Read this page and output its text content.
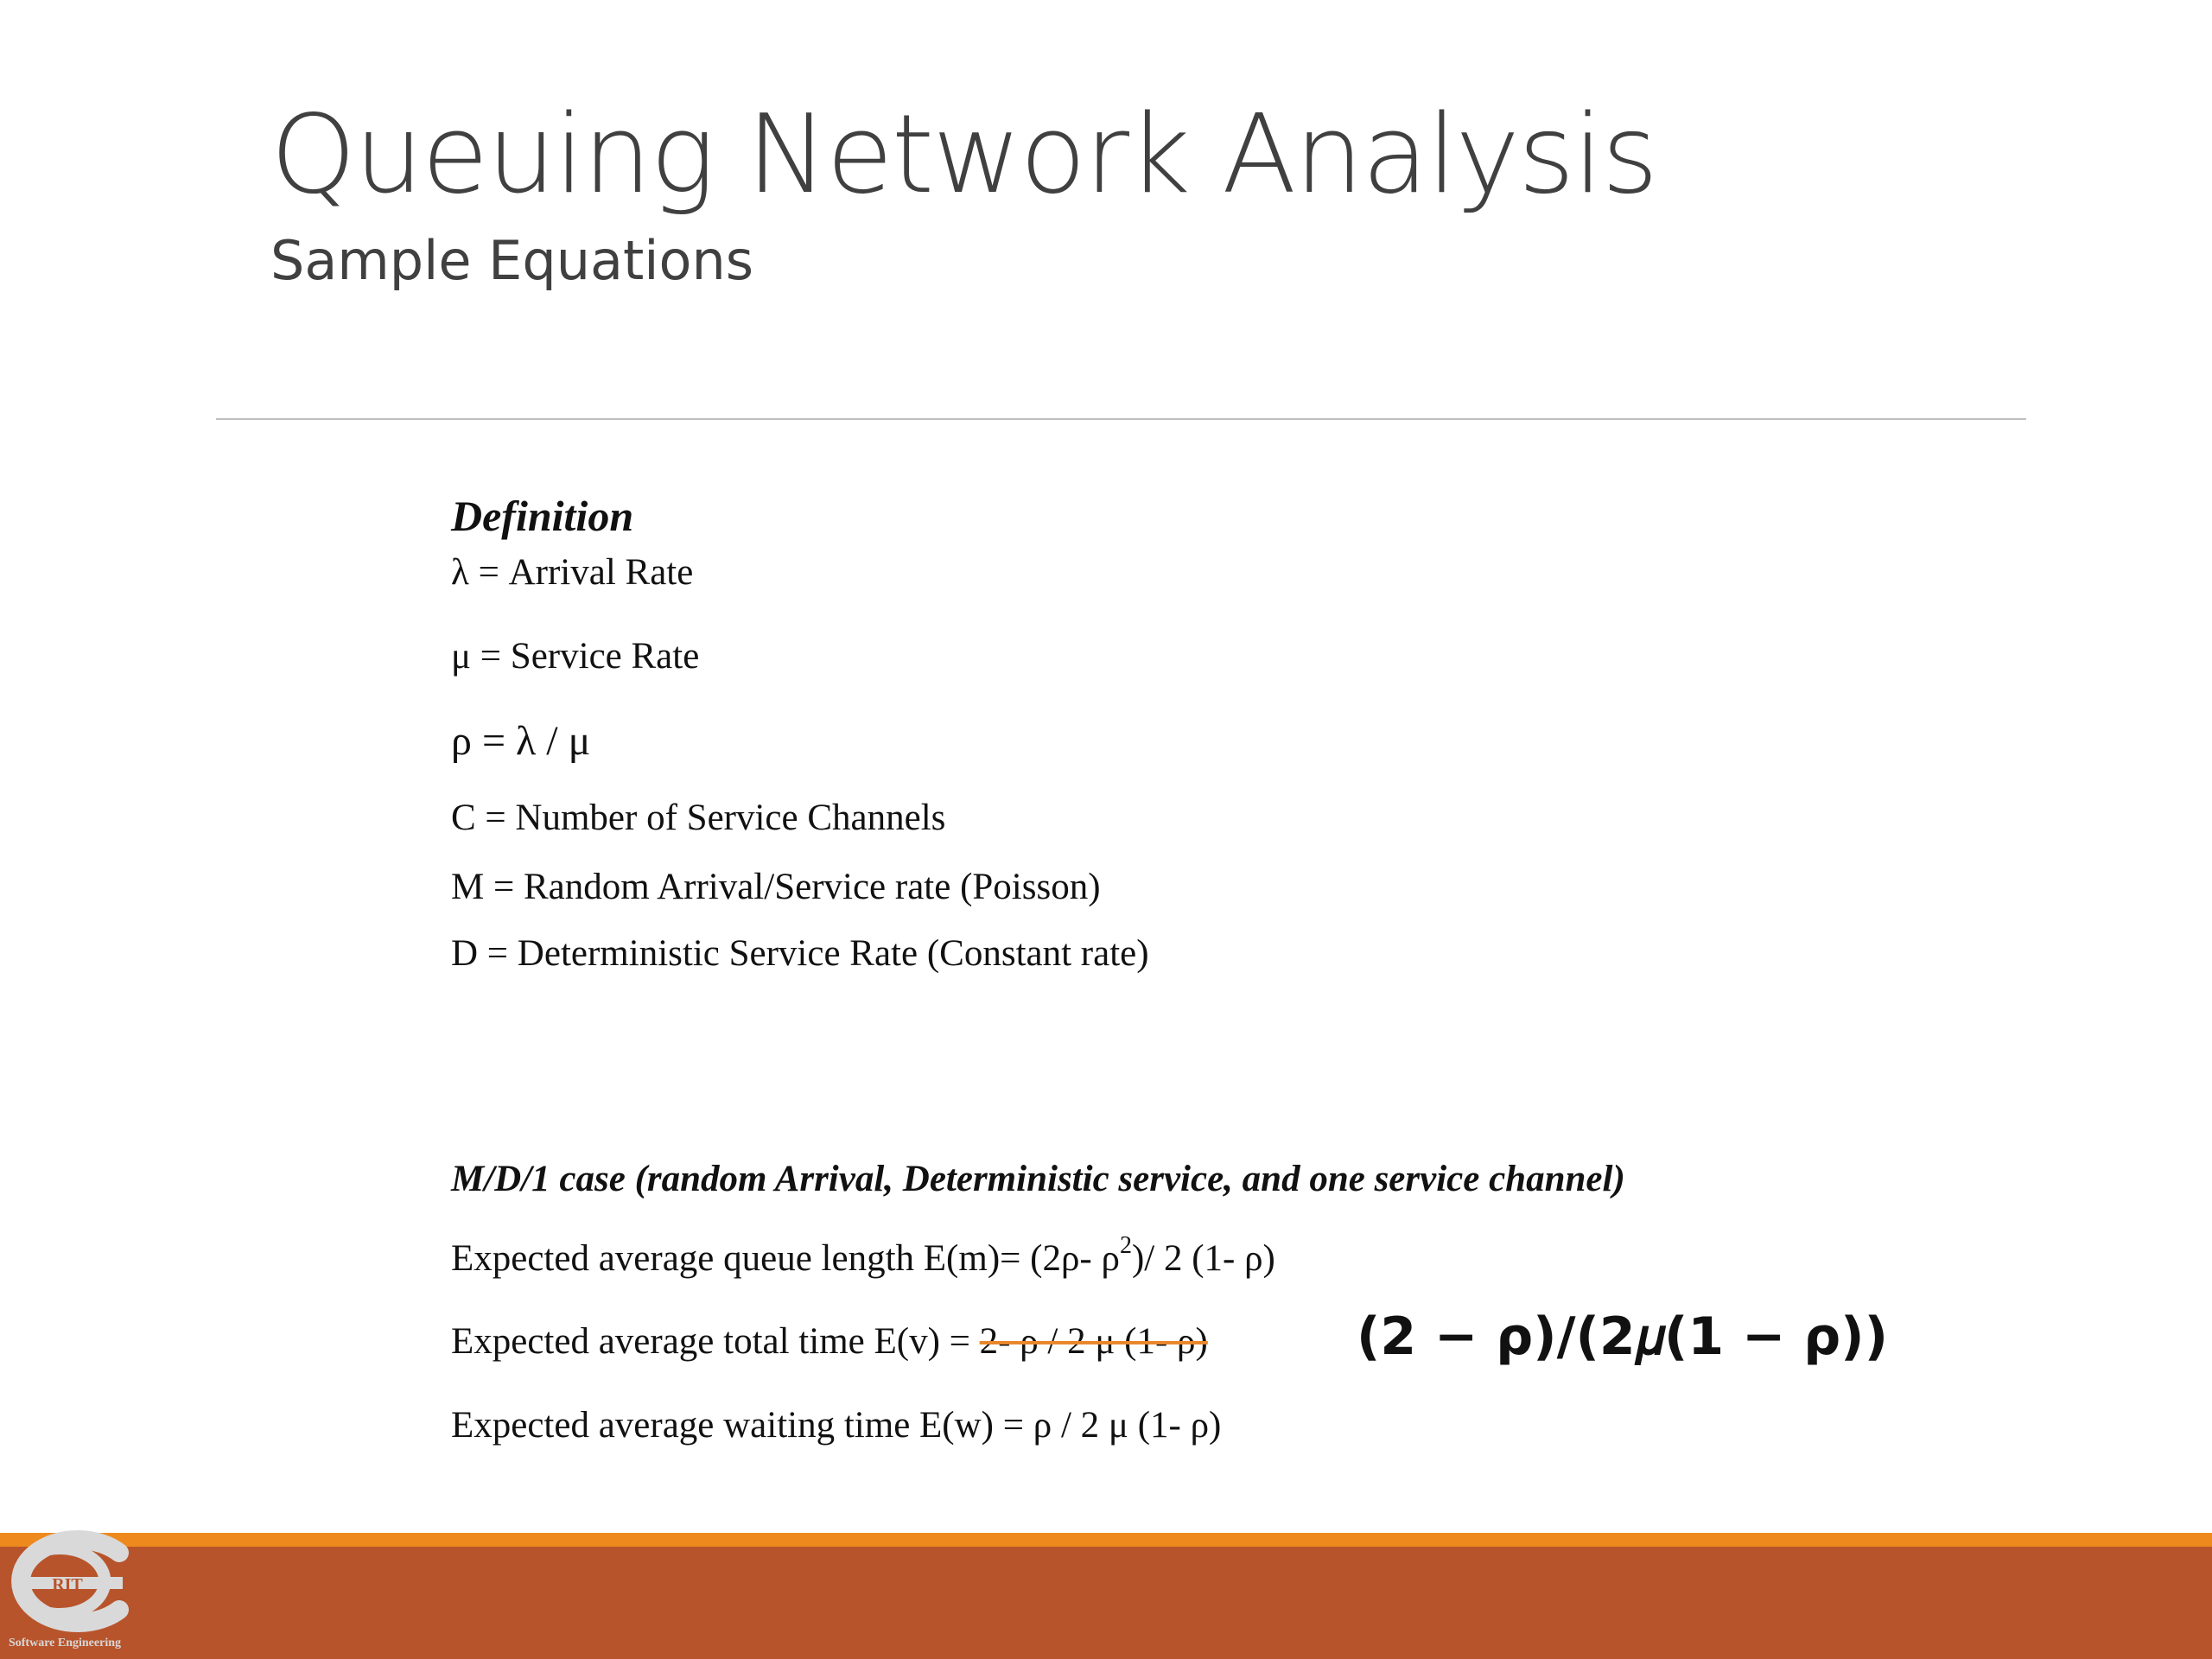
Queuing Network Analysis
Sample Equations
Definition
λ = Arrival Rate
μ = Service Rate
ρ = λ / μ
C = Number of Service Channels
M = Random Arrival/Service rate (Poisson)
D = Deterministic Service Rate (Constant rate)
M/D/1 case (random Arrival, Deterministic service, and one service channel)
Expected average queue length E(m)= (2ρ- $\rho^2)/$ 2 (1- ρ)
Expected average total time E(v) = 2- ρ / 2 μ (1- ρ)
Expected average waiting time E(w) = ρ / 2 μ (1- ρ)
(2 − ρ)/(2𝜇(1 − ρ))
RIT
Software Engineering
